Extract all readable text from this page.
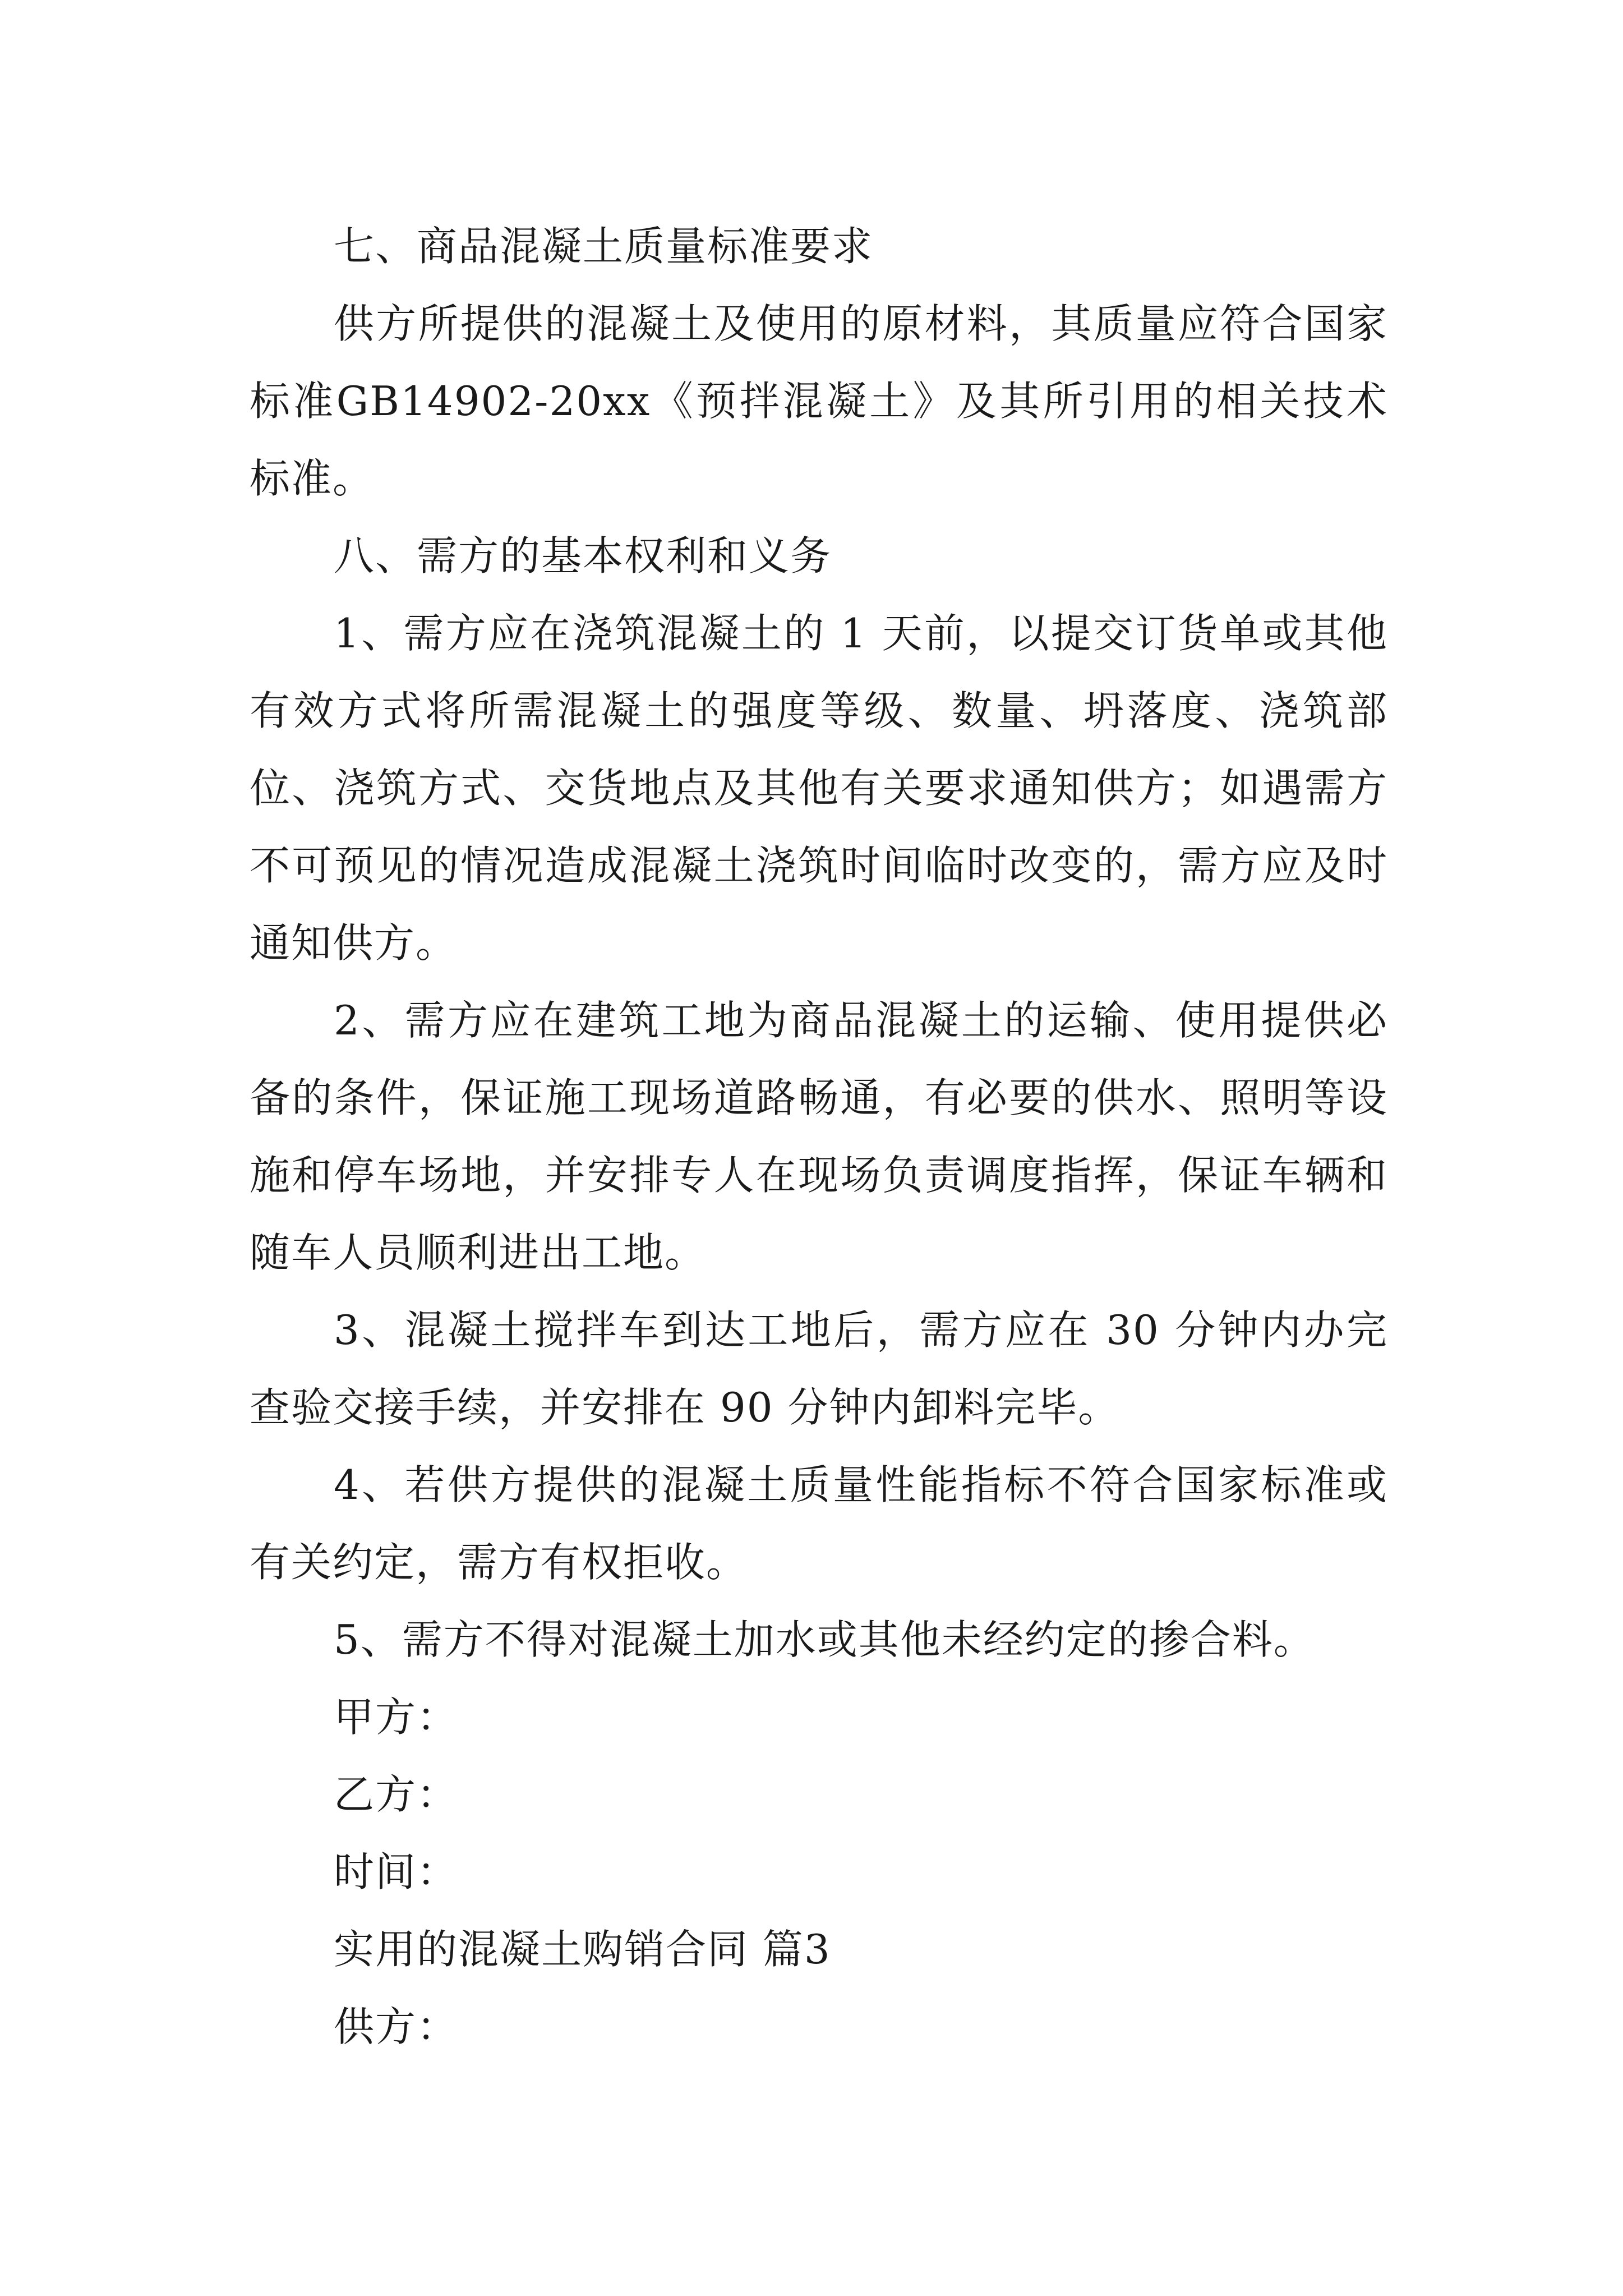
七、商品混凝土质量标准要求

供方所提供的混凝土及使用的原材料，其质量应符合国家标准GB14902-20xx《预拌混凝土》及其所引用的相关技术标准。

八、需方的基本权利和义务

1、需方应在浇筑混凝土的 1 天前，以提交订货单或其他有效方式将所需混凝土的强度等级、数量、坍落度、浇筑部位、浇筑方式、交货地点及其他有关要求通知供方；如遇需方不可预见的情况造成混凝土浇筑时间临时改变的，需方应及时通知供方。

2、需方应在建筑工地为商品混凝土的运输、使用提供必备的条件，保证施工现场道路畅通，有必要的供水、照明等设施和停车场地，并安排专人在现场负责调度指挥，保证车辆和随车人员顺利进出工地。

3、混凝土搅拌车到达工地后，需方应在 30 分钟内办完查验交接手续，并安排在 90 分钟内卸料完毕。

4、若供方提供的混凝土质量性能指标不符合国家标准或有关约定，需方有权拒收。

5、需方不得对混凝土加水或其他未经约定的掺合料。

甲方：

乙方：

时间：

实用的混凝土购销合同 篇3

供方：
